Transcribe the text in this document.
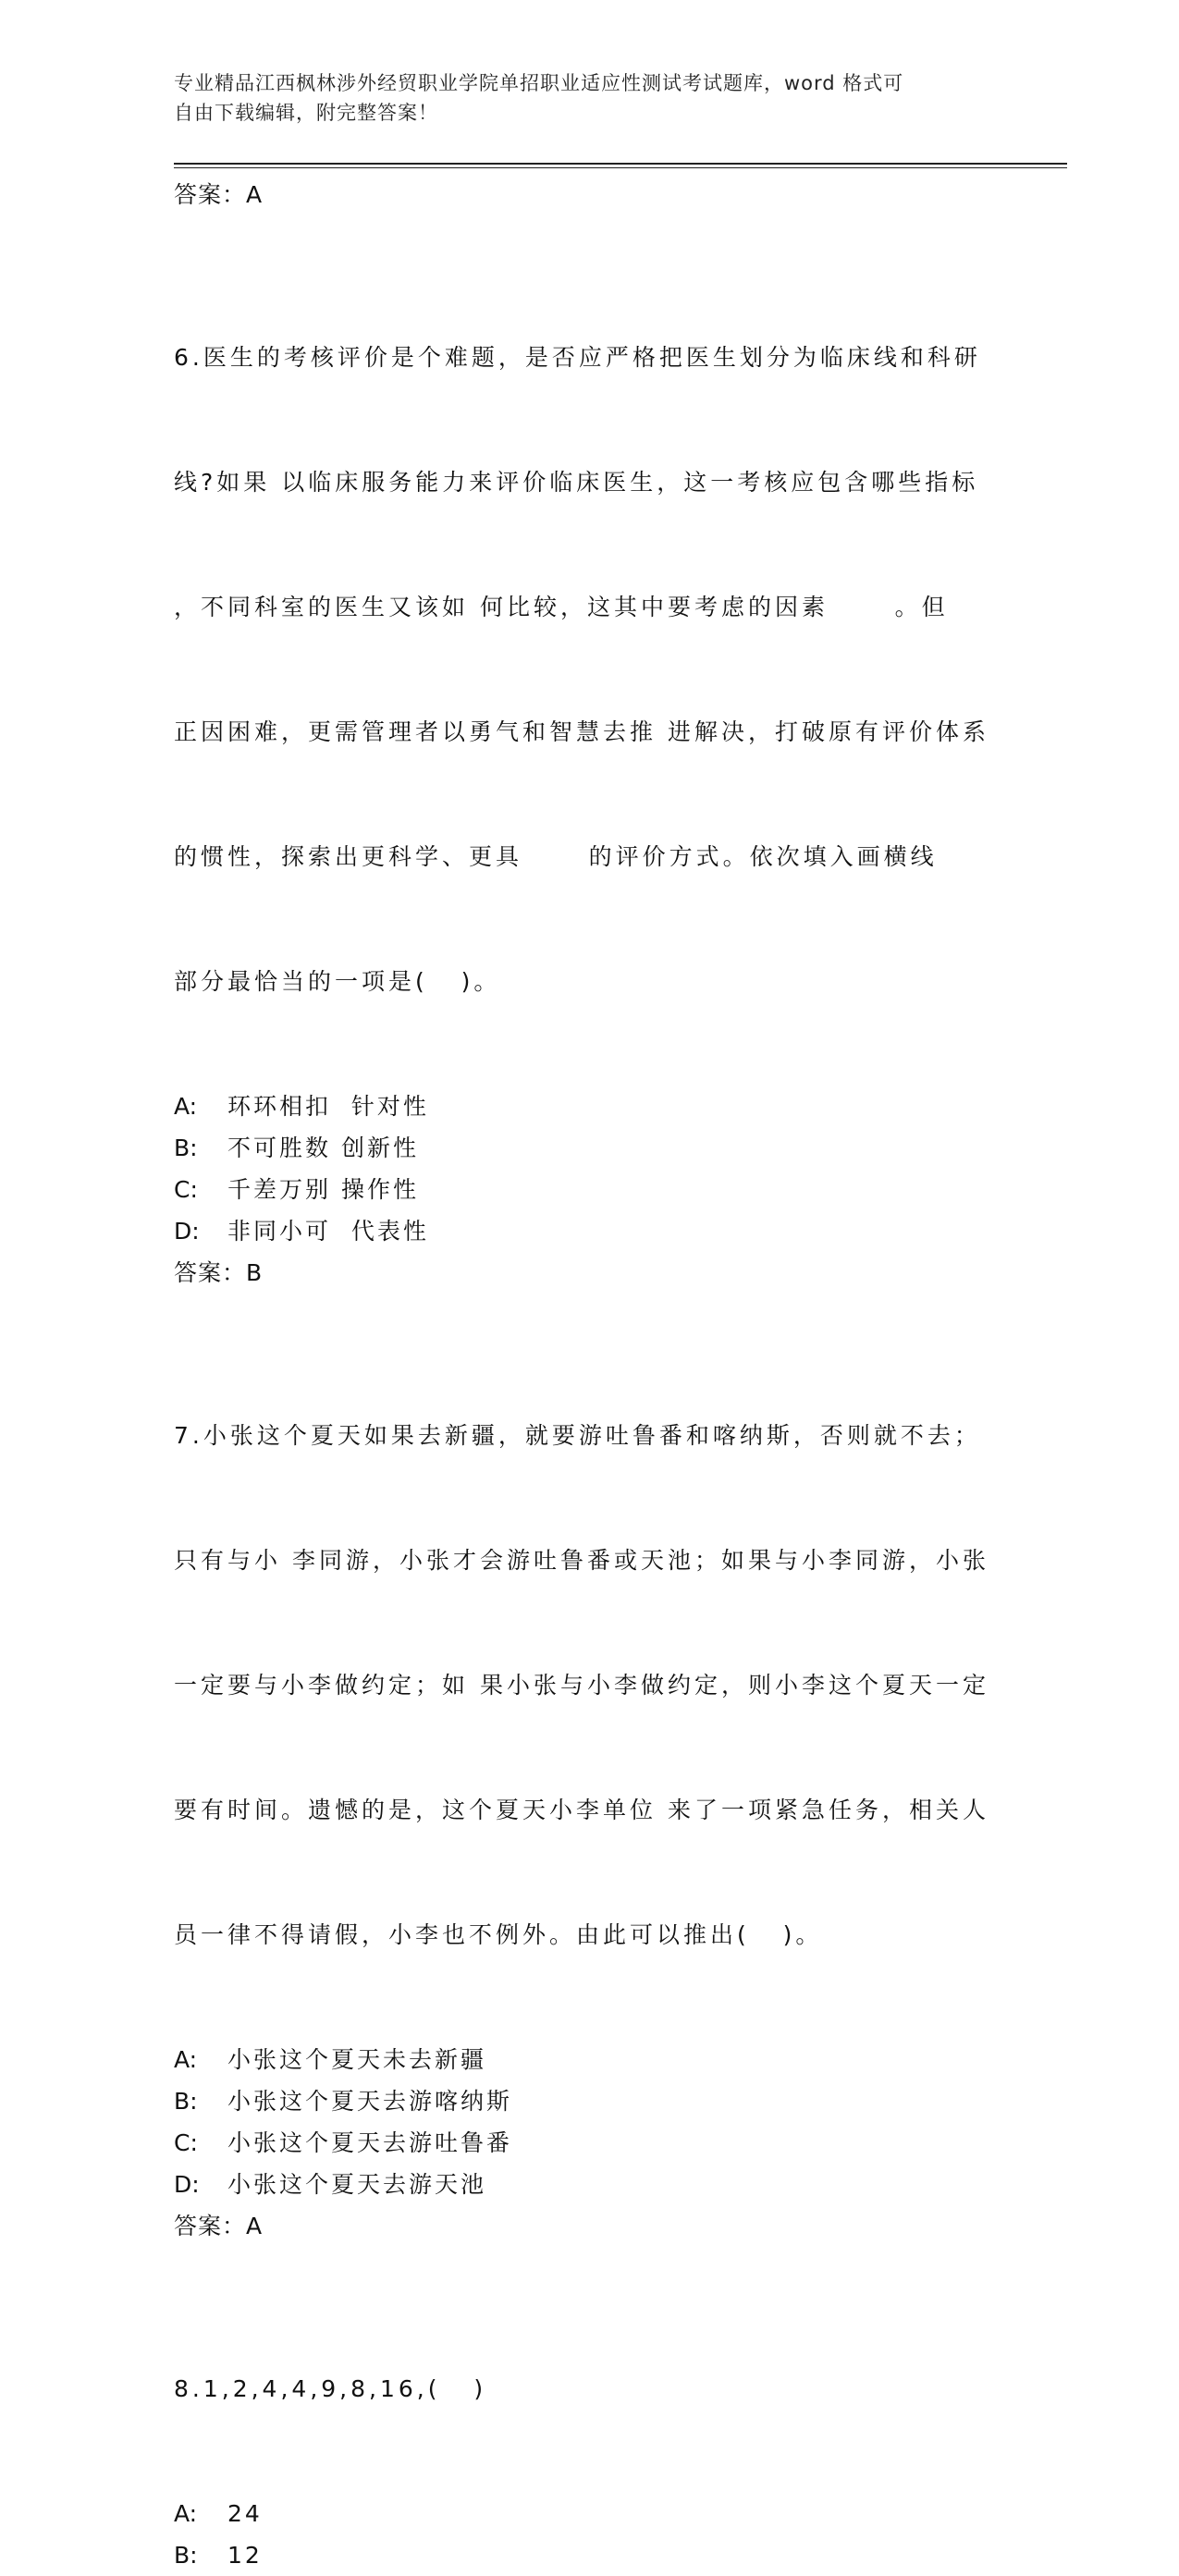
专业精品江西枫林涉外经贸职业学院单招职业适应性测试考试题库，word 格式可
自由下载编辑，附完整答案！
答案：A

6.医生的考核评价是个难题，是否应严格把医生划分为临床线和科研

线?如果 以临床服务能力来评价临床医生，这一考核应包含哪些指标

，不同科室的医生又该如 何比较，这其中要考虑的因素      。但

正因困难，更需管理者以勇气和智慧去推 进解决，打破原有评价体系

的惯性，探索出更科学、更具      的评价方式。依次填入画横线

部分最恰当的一项是(   )。

A: 环环相扣  针对性
B: 不可胜数 创新性
C: 千差万别 操作性
D: 非同小可  代表性
答案：B

7.小张这个夏天如果去新疆，就要游吐鲁番和喀纳斯，否则就不去；

只有与小 李同游，小张才会游吐鲁番或天池；如果与小李同游，小张

一定要与小李做约定；如 果小张与小李做约定，则小李这个夏天一定

要有时间。遗憾的是，这个夏天小李单位 来了一项紧急任务，相关人

员一律不得请假，小李也不例外。由此可以推出(   )。

A: 小张这个夏天未去新疆
B: 小张这个夏天去游喀纳斯
C: 小张这个夏天去游吐鲁番
D: 小张这个夏天去游天池
答案：A

8.1,2,4,4,9,8,16,(   )

A: 24
B: 12
